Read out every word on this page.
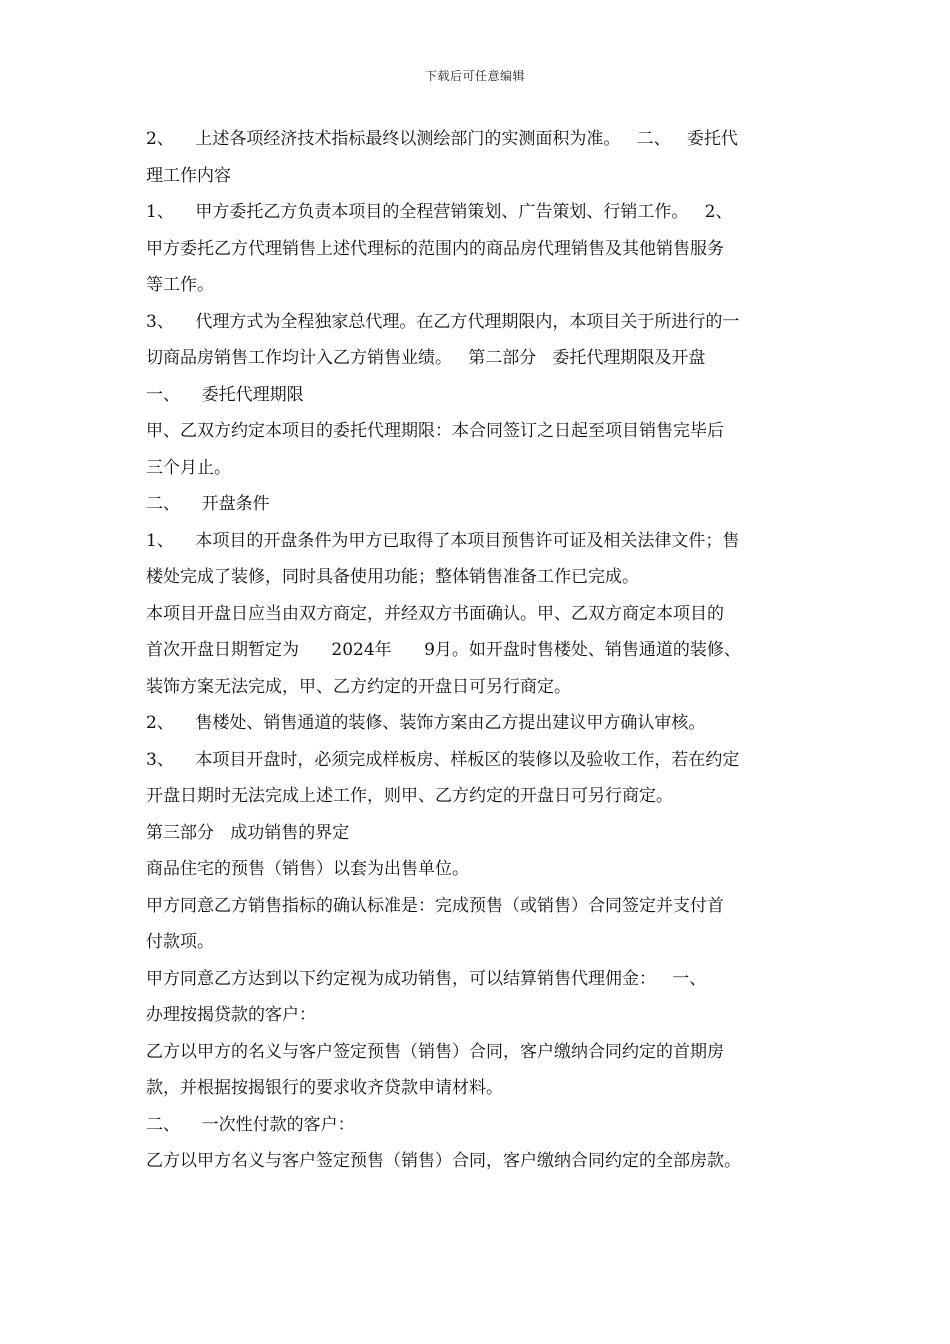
下载后可任意编辑
2、    上述各项经济技术指标最终以测绘部门的实测面积为准。   二、   委托代
理工作内容
1、    甲方委托乙方负责本项目的全程营销策划、广告策划、行销工作。   2、
甲方委托乙方代理销售上述代理标的范围内的商品房代理销售及其他销售服务
等工作。
3、    代理方式为全程独家总代理。在乙方代理期限内，本项目关于所进行的一
切商品房销售工作均计入乙方销售业绩。   第二部分   委托代理期限及开盘
一、    委托代理期限
甲、乙双方约定本项目的委托代理期限：本合同签订之日起至项目销售完毕后
三个月止。
二、    开盘条件
1、    本项目的开盘条件为甲方已取得了本项目预售许可证及相关法律文件；售
楼处完成了装修，同时具备使用功能；整体销售准备工作已完成。
本项目开盘日应当由双方商定，并经双方书面确认。甲、乙双方商定本项目的
首次开盘日期暂定为      2024年      9月。如开盘时售楼处、销售通道的装修、
装饰方案无法完成，甲、乙方约定的开盘日可另行商定。
2、    售楼处、销售通道的装修、装饰方案由乙方提出建议甲方确认审核。
3、    本项目开盘时，必须完成样板房、样板区的装修以及验收工作，若在约定
开盘日期时无法完成上述工作，则甲、乙方约定的开盘日可另行商定。
第三部分   成功销售的界定
商品住宅的预售（销售）以套为出售单位。
甲方同意乙方销售指标的确认标准是：完成预售（或销售）合同签定并支付首
付款项。
甲方同意乙方达到以下约定视为成功销售，可以结算销售代理佣金：   一、
办理按揭贷款的客户：
乙方以甲方的名义与客户签定预售（销售）合同，客户缴纳合同约定的首期房
款，并根据按揭银行的要求收齐贷款申请材料。
二、    一次性付款的客户：
乙方以甲方名义与客户签定预售（销售）合同，客户缴纳合同约定的全部房款。
